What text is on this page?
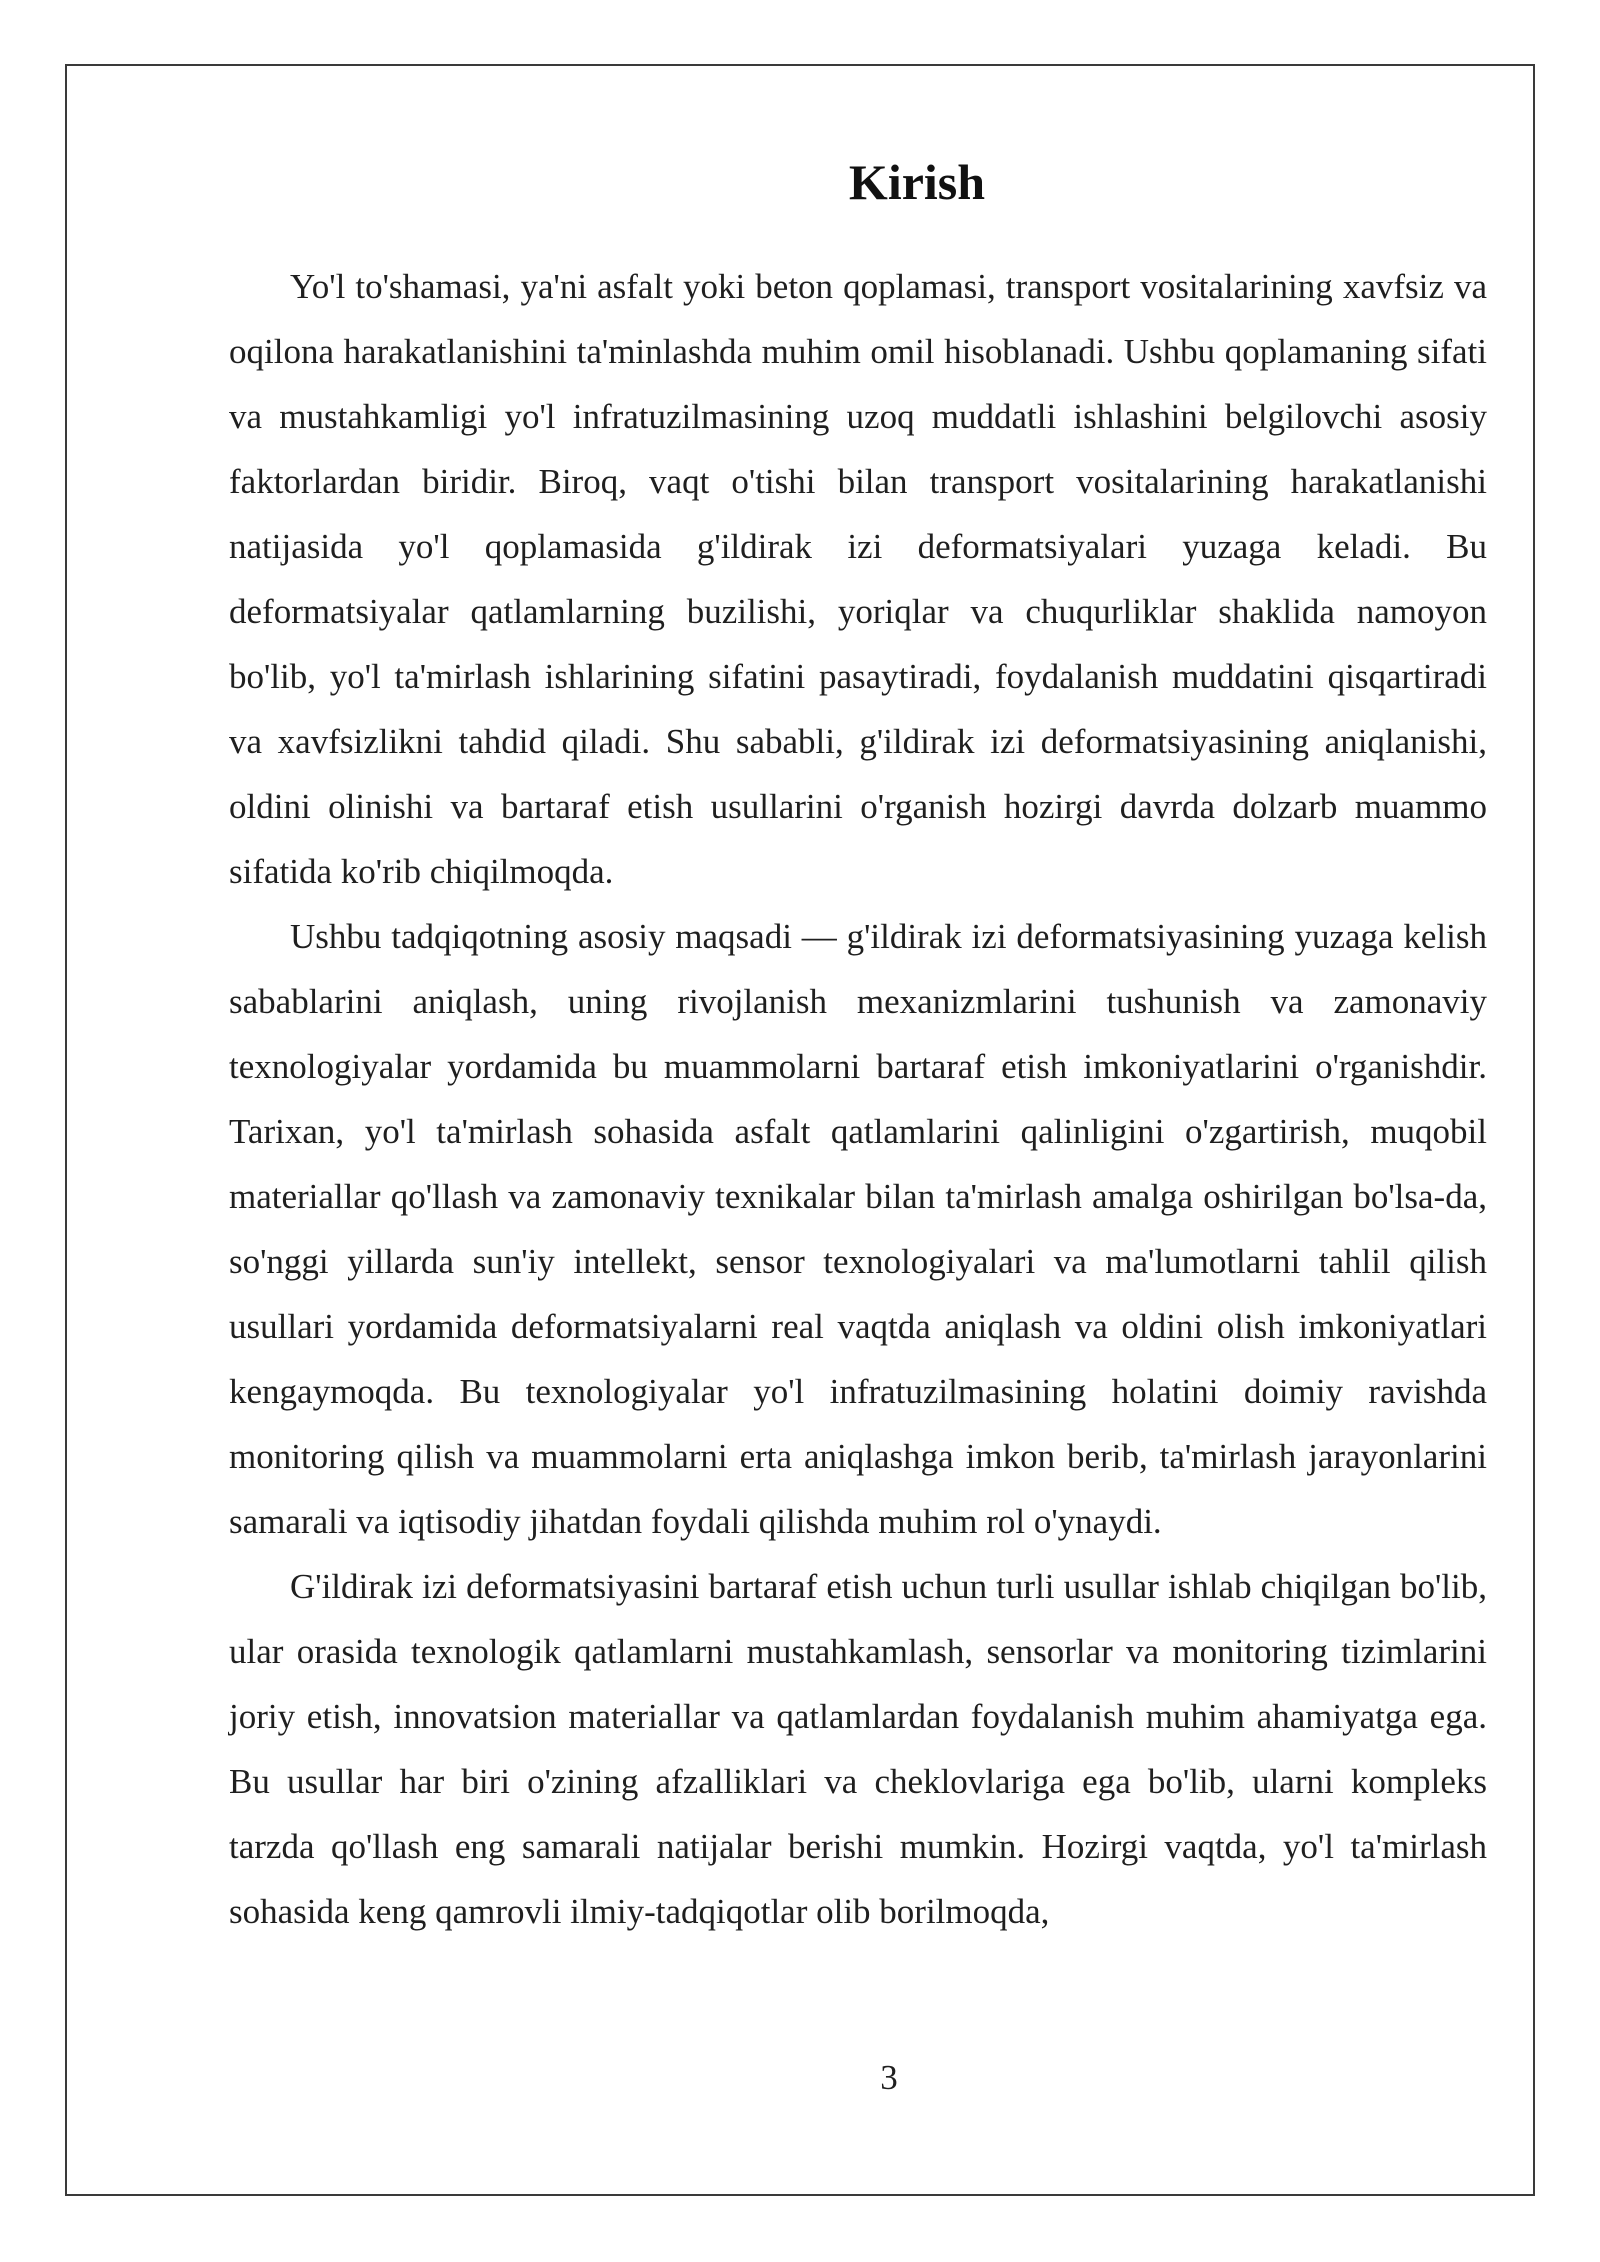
Kirish

Yo'l to'shamasi, ya'ni asfalt yoki beton qoplamasi, transport vositalarining xavfsiz va oqilona harakatlanishini ta'minlashda muhim omil hisoblanadi. Ushbu qoplamaning sifati va mustahkamligi yo'l infratuzilmasining uzoq muddatli ishlashini belgilovchi asosiy faktorlardan biridir. Biroq, vaqt o'tishi bilan transport vositalarining harakatlanishi natijasida yo'l qoplamasida g'ildirak izi deformatsiyalari yuzaga keladi. Bu deformatsiyalar qatlamlarning buzilishi, yoriqlar va chuqurliklar shaklida namoyon bo'lib, yo'l ta'mirlash ishlarining sifatini pasaytiradi, foydalanish muddatini qisqartiradi va xavfsizlikni tahdid qiladi. Shu sababli, g'ildirak izi deformatsiyasining aniqlanishi, oldini olinishi va bartaraf etish usullarini o'rganish hozirgi davrda dolzarb muammo sifatida ko'rib chiqilmoqda.

Ushbu tadqiqotning asosiy maqsadi — g'ildirak izi deformatsiyasining yuzaga kelish sabablarini aniqlash, uning rivojlanish mexanizmlarini tushunish va zamonaviy texnologiyalar yordamida bu muammolarni bartaraf etish imkoniyatlarini o'rganishdir. Tarixan, yo'l ta'mirlash sohasida asfalt qatlamlarini qalinligini o'zgartirish, muqobil materiallar qo'llash va zamonaviy texnikalar bilan ta'mirlash amalga oshirilgan bo'lsa-da, so'nggi yillarda sun'iy intellekt, sensor texnologiyalari va ma'lumotlarni tahlil qilish usullari yordamida deformatsiyalarni real vaqtda aniqlash va oldini olish imkoniyatlari kengaymoqda. Bu texnologiyalar yo'l infratuzilmasining holatini doimiy ravishda monitoring qilish va muammolarni erta aniqlashga imkon berib, ta'mirlash jarayonlarini samarali va iqtisodiy jihatdan foydali qilishda muhim rol o'ynaydi.

G'ildirak izi deformatsiyasini bartaraf etish uchun turli usullar ishlab chiqilgan bo'lib, ular orasida texnologik qatlamlarni mustahkamlash, sensorlar va monitoring tizimlarini joriy etish, innovatsion materiallar va qatlamlardan foydalanish muhim ahamiyatga ega. Bu usullar har biri o'zining afzalliklari va cheklovlariga ega bo'lib, ularni kompleks tarzda qo'llash eng samarali natijalar berishi mumkin. Hozirgi vaqtda, yo'l ta'mirlash sohasida keng qamrovli ilmiy-tadqiqotlar olib borilmoqda,

3
